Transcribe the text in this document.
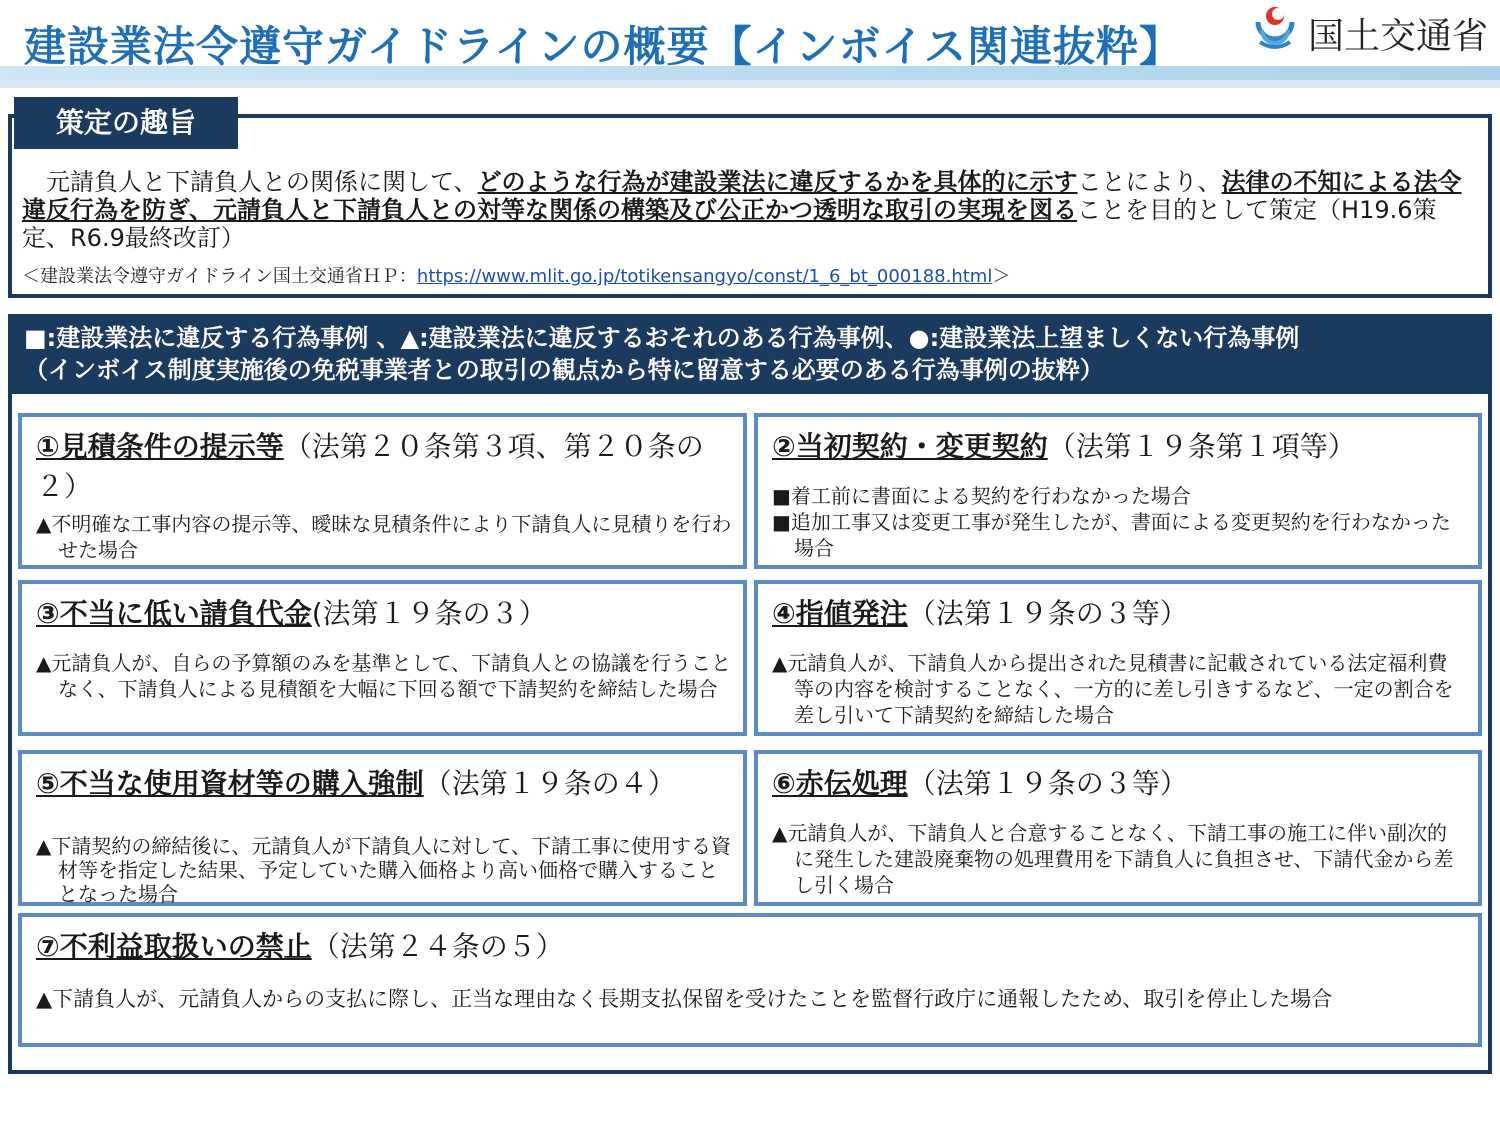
建設業法令遵守ガイドラインの概要【インボイス関連抜粋】	国土交通省
　元請負人と下請負人との関係に関して、どのような行為が建設業法に違反するかを具体的に示すことにより、法律の不知による法令違反行為を防ぎ、元請負人と下請負人との対等な関係の構築及び公正かつ透明な取引の実現を図ることを目的として策定（H19.6策定、R6.9最終改訂）
＜建設業法令遵守ガイドライン国土交通省ＨＰ：https://www.mlit.go.jp/totikensangyo/const/1_6_bt_000188.html＞
策定の趣旨
■:建設業法に違反する行為事例 、▲:建設業法に違反するおそれのある行為事例、●:建設業法上望ましくない行為事例
（インボイス制度実施後の免税事業者との取引の観点から特に留意する必要のある行為事例の抜粋）
①見積条件の提示等（法第２０条第３項、第２０条の２）
▲不明確な工事内容の提示等、曖昧な見積条件により下請負人に見積りを行わせた場合
②当初契約・変更契約（法第１９条第１項等）
■着工前に書面による契約を行わなかった場合
■追加工事又は変更工事が発生したが、書面による変更契約を行わなかった場合
③不当に低い請負代金(法第１９条の３）
▲元請負人が、自らの予算額のみを基準として、下請負人との協議を行うことなく、下請負人による見積額を大幅に下回る額で下請契約を締結した場合
④指値発注（法第１９条の３等）
▲元請負人が、下請負人から提出された見積書に記載されている法定福利費等の内容を検討することなく、一方的に差し引きするなど、一定の割合を差し引いて下請契約を締結した場合
⑤不当な使用資材等の購入強制（法第１９条の４）
▲下請契約の締結後に、元請負人が下請負人に対して、下請工事に使用する資材等を指定した結果、予定していた購入価格より高い価格で購入することとなった場合
⑥赤伝処理（法第１９条の３等）
▲元請負人が、下請負人と合意することなく、下請工事の施工に伴い副次的に発生した建設廃棄物の処理費用を下請負人に負担させ、下請代金から差し引く場合
⑦不利益取扱いの禁止（法第２４条の５）
▲下請負人が、元請負人からの支払に際し、正当な理由なく長期支払保留を受けたことを監督行政庁に通報したため、取引を停止した場合
